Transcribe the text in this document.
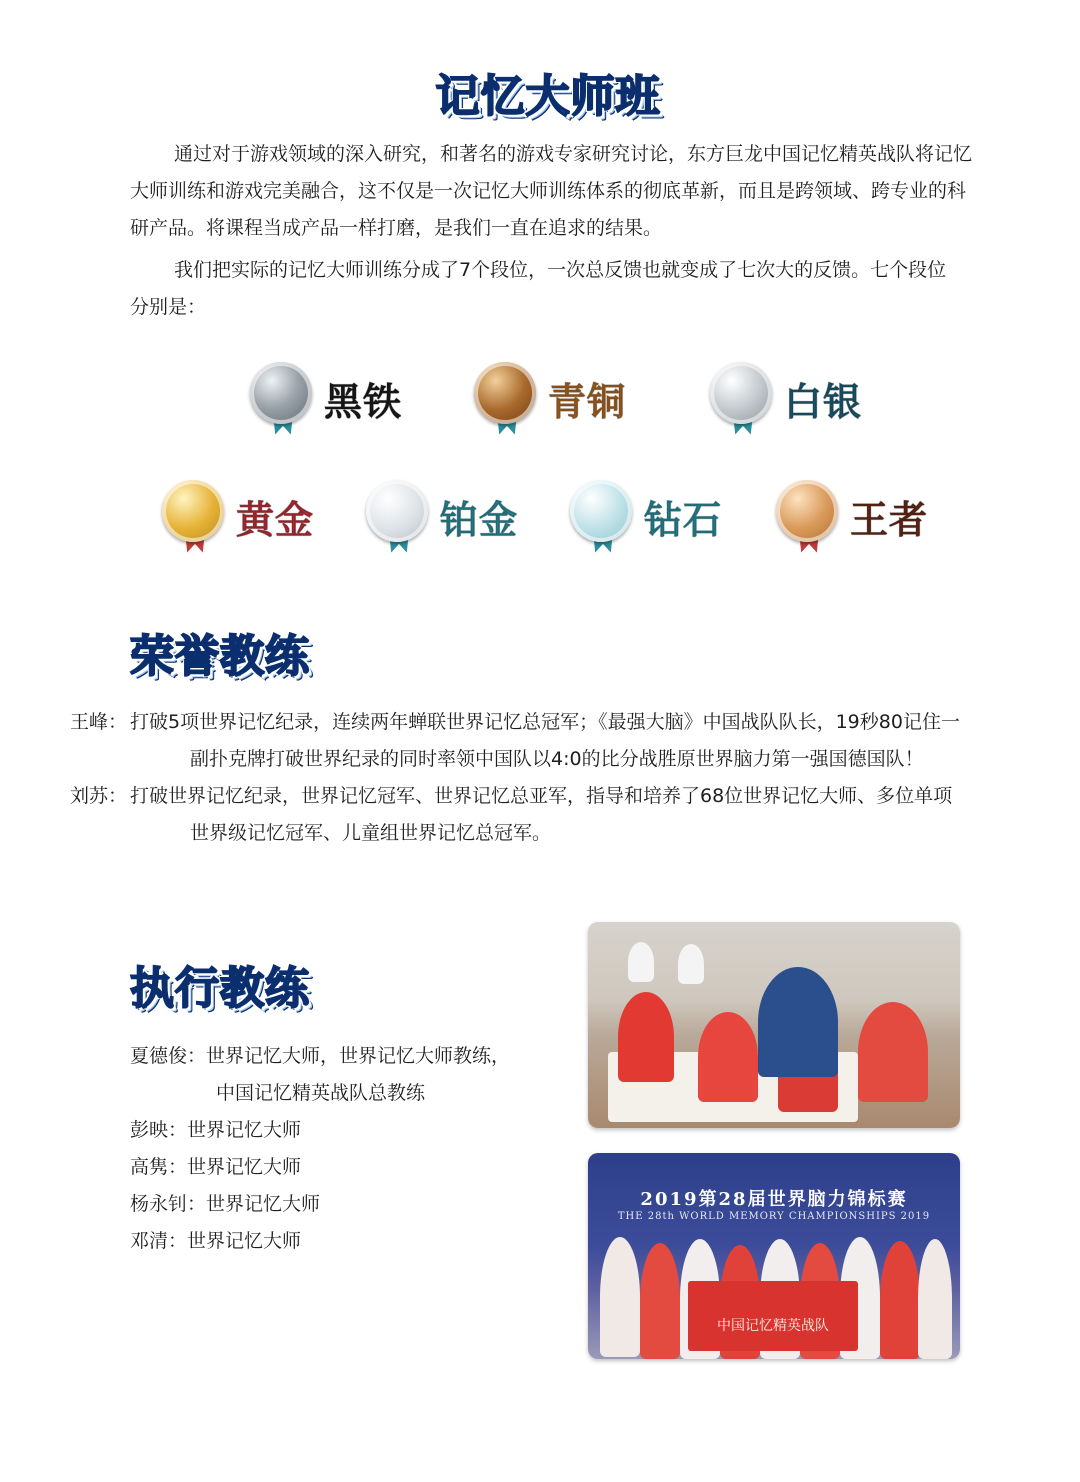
记忆大师班
通过对于游戏领域的深入研究，和著名的游戏专家研究讨论，东方巨龙中国记忆精英战队将记忆大师训练和游戏完美融合，这不仅是一次记忆大师训练体系的彻底革新，而且是跨领域、跨专业的科研产品。将课程当成产品一样打磨，是我们一直在追求的结果。
我们把实际的记忆大师训练分成了7个段位，一次总反馈也就变成了七次大的反馈。七个段位分别是：
黑铁	青铜	白银
黄金	铂金	钻石	王者
荣誉教练
王峰： 打破5项世界记忆纪录，连续两年蝉联世界记忆总冠军；《最强大脑》中国战队队长，19秒80记住一副扑克牌打破世界纪录的同时率领中国队以4:0的比分战胜原世界脑力第一强国德国队！
刘苏： 打破世界记忆纪录，世界记忆冠军、世界记忆总亚军，指导和培养了68位世界记忆大师、多位单项世界级记忆冠军、儿童组世界记忆总冠军。
执行教练
夏德俊：世界记忆大师，世界记忆大师教练，
中国记忆精英战队总教练
彭映：世界记忆大师
高隽：世界记忆大师
杨永钊：世界记忆大师
邓清：世界记忆大师
2019第28届世界脑力锦标赛
THE 28th WORLD MEMORY CHAMPIONSHIPS 2019
中国记忆精英战队
